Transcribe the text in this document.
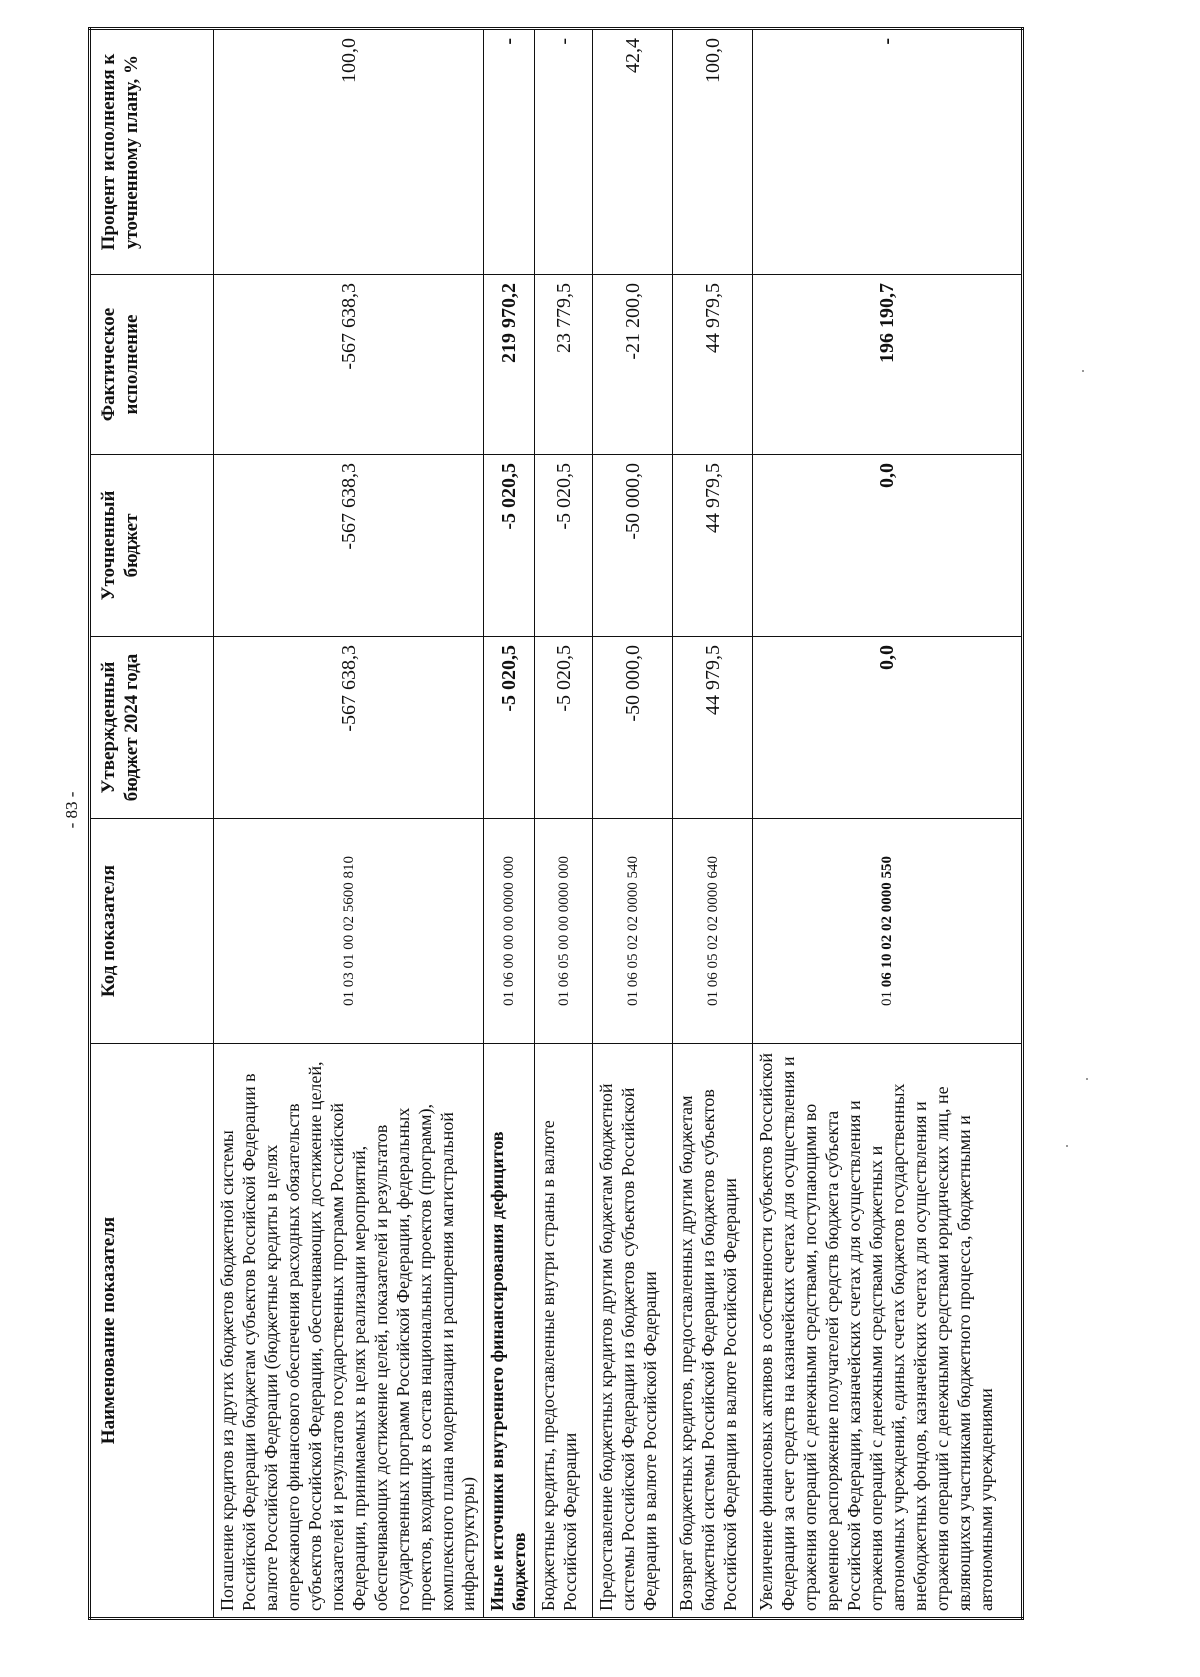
- 83 -
Наименование показателя	Код показателя	Утвержденный бюджет 2024 года	Уточненный бюджет	Фактическое исполнение	Процент исполнения к уточненному плану, %
Погашение кредитов из других бюджетов бюджетной системы Российской Федерации бюджетам субъектов Российской Федерации в валюте Российской Федерации (бюджетные кредиты в целях опережающего финансового обеспечения расходных обязательств субъектов Российской Федерации, обеспечивающих достижение целей, показателей и результатов государственных программ Российской Федерации, принимаемых в целях реализации мероприятий, обеспечивающих достижение целей, показателей и результатов государственных программ Российской Федерации, федеральных проектов, входящих в состав национальных проектов (программ), комплексного плана модернизации и расширения магистральной инфраструктуры)	01 03 01 00 02 5600 810	-567 638,3	-567 638,3	-567 638,3	100,0
Иные источники внутреннего финансирования дефицитов бюджетов	01 06 00 00 00 0000 000	-5 020,5	-5 020,5	219 970,2	-
Бюджетные кредиты, предоставленные внутри страны в валюте Российской Федерации	01 06 05 00 00 0000 000	-5 020,5	-5 020,5	23 779,5	-
Предоставление бюджетных кредитов другим бюджетам бюджетной системы Российской Федерации из бюджетов субъектов Российской Федерации в валюте Российской Федерации	01 06 05 02 02 0000 540	-50 000,0	-50 000,0	-21 200,0	42,4
Возврат бюджетных кредитов, предоставленных другим бюджетам бюджетной системы Российской Федерации из бюджетов субъектов Российской Федерации в валюте Российской Федерации	01 06 05 02 02 0000 640	44 979,5	44 979,5	44 979,5	100,0
Увеличение финансовых активов в собственности субъектов Российской Федерации за счет средств на казначейских счетах для осуществления и отражения операций с денежными средствами, поступающими во временное распоряжение получателей средств бюджета субъекта Российской Федерации, казначейских счетах для осуществления и отражения операций с денежными средствами бюджетных и автономных учреждений, единых счетах бюджетов государственных внебюджетных фондов, казначейских счетах для осуществления и отражения операций с денежными средствами юридических лиц, не являющихся участниками бюджетного процесса, бюджетными и автономными учреждениями	01 06 10 02 02 0000 550	0,0	0,0	196 190,7	-
